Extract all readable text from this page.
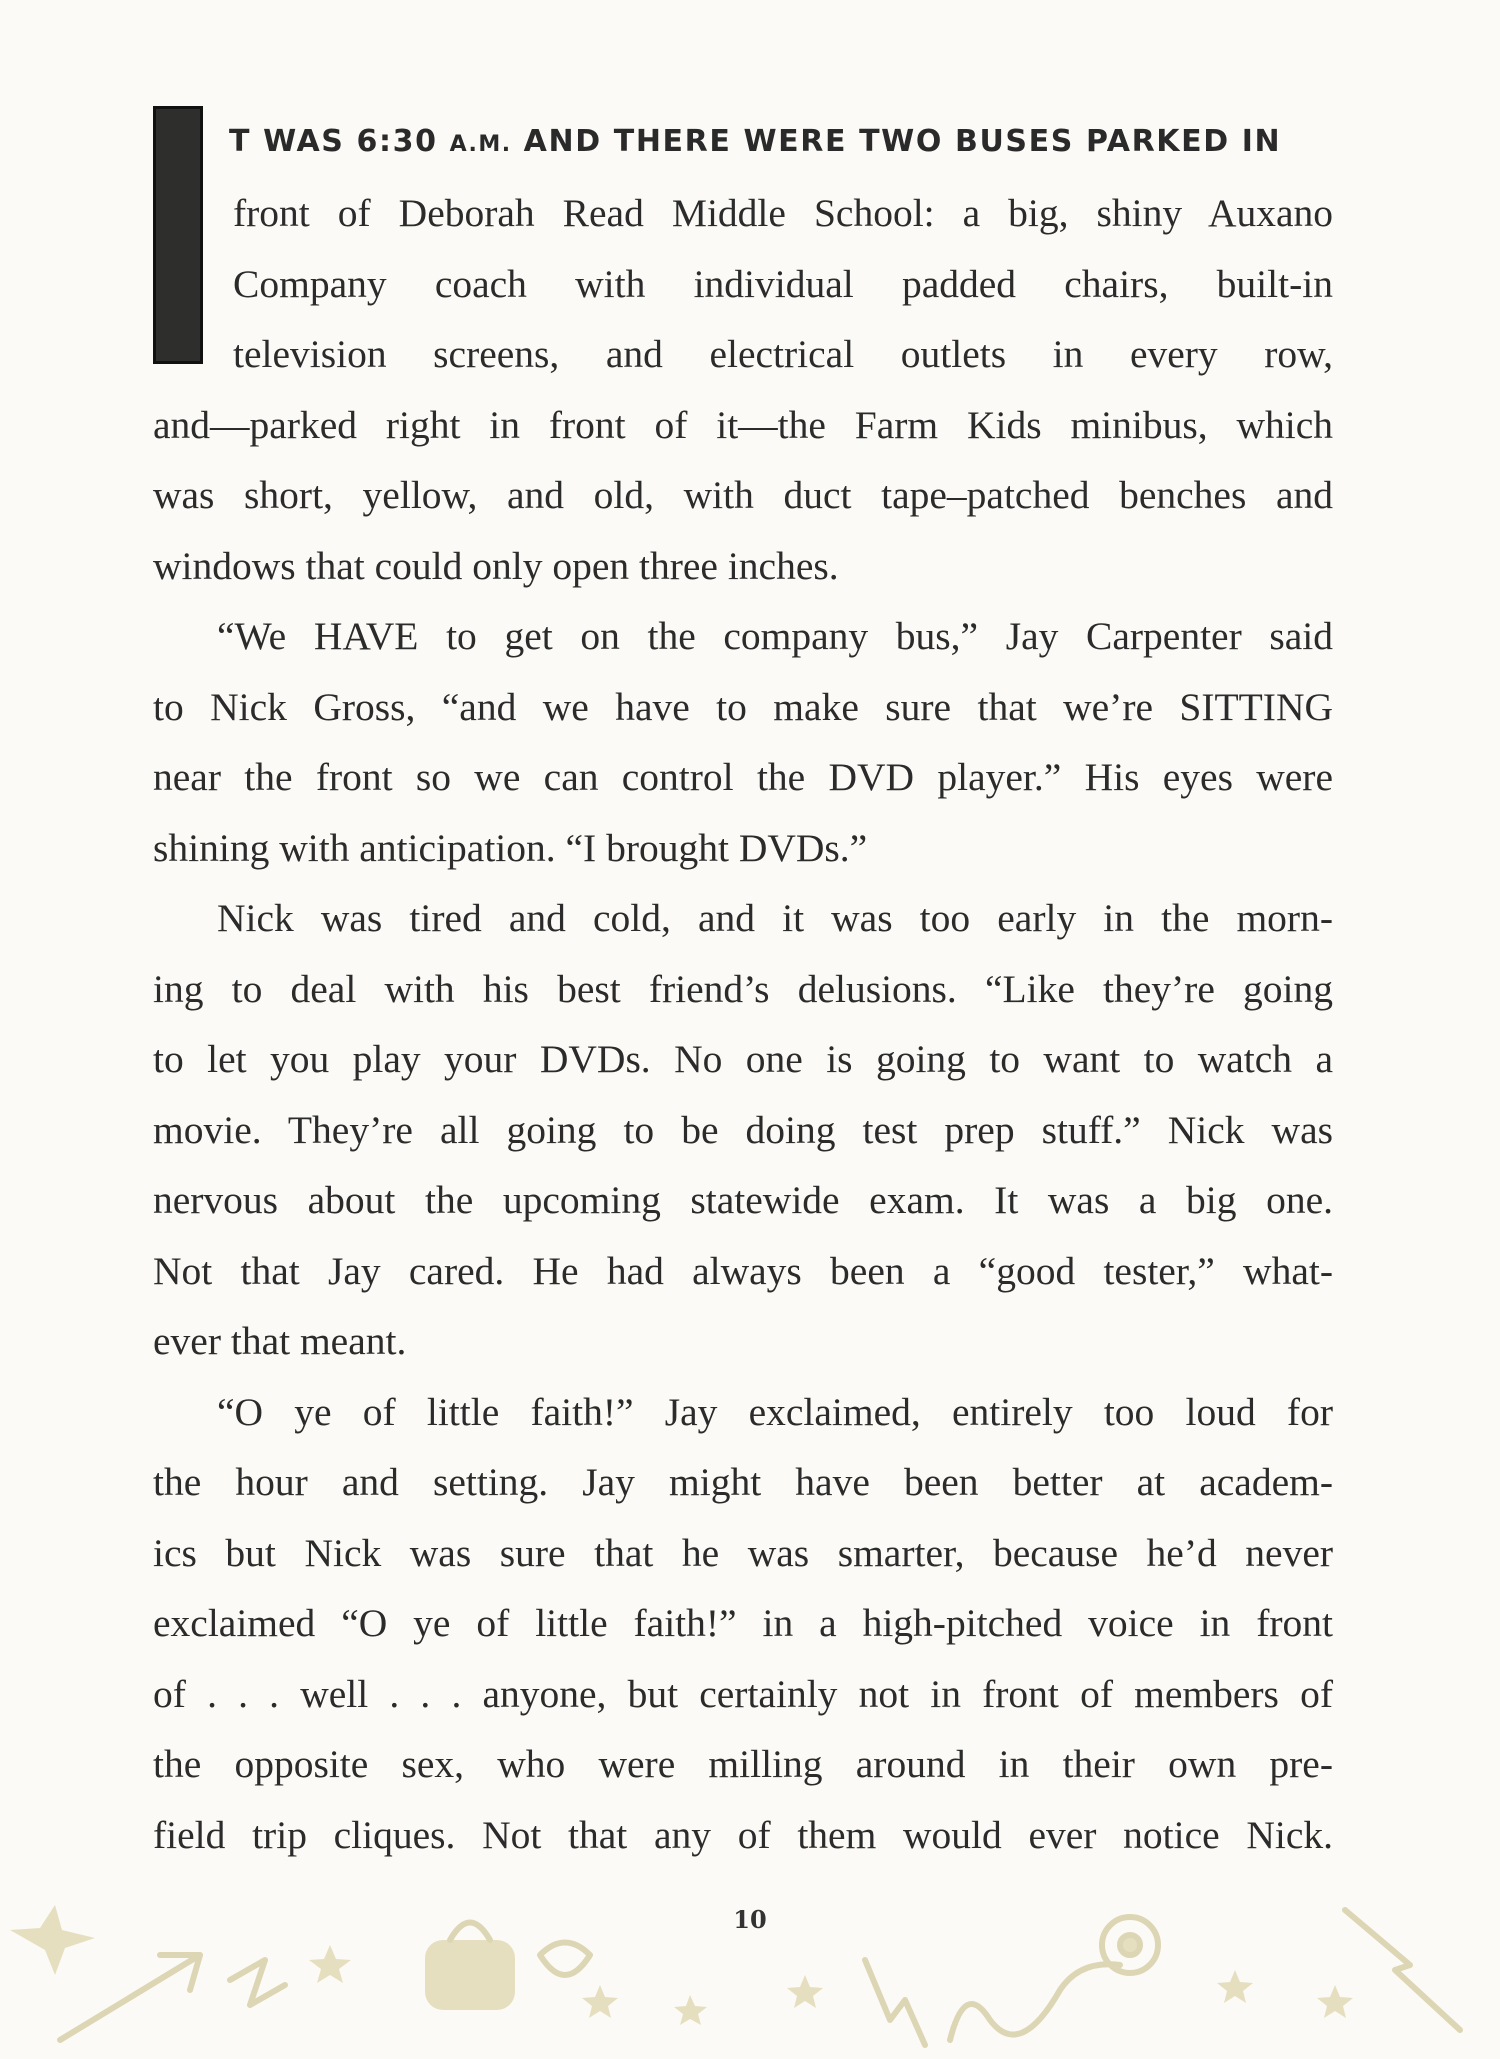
T WAS 6:30 A.M. AND THERE WERE TWO BUSES PARKED IN
front of Deborah Read Middle School: a big, shiny Auxano
Company coach with individual padded chairs, built-in
television screens, and electrical outlets in every row,
and—parked right in front of it—the Farm Kids minibus, which
was short, yellow, and old, with duct tape–patched benches and
windows that could only open three inches.
“We HAVE to get on the company bus,” Jay Carpenter said
to Nick Gross, “and we have to make sure that we’re SITTING
near the front so we can control the DVD player.” His eyes were
shining with anticipation. “I brought DVDs.”
Nick was tired and cold, and it was too early in the morn-
ing to deal with his best friend’s delusions. “Like they’re going
to let you play your DVDs. No one is going to want to watch a
movie. They’re all going to be doing test prep stuff.” Nick was
nervous about the upcoming statewide exam. It was a big one.
Not that Jay cared. He had always been a “good tester,” what-
ever that meant.
“O ye of little faith!” Jay exclaimed, entirely too loud for
the hour and setting. Jay might have been better at academ-
ics but Nick was sure that he was smarter, because he’d never
exclaimed “O ye of little faith!” in a high-pitched voice in front
of . . . well . . . anyone, but certainly not in front of members of
the opposite sex, who were milling around in their own pre-
field trip cliques. Not that any of them would ever notice Nick.
10
